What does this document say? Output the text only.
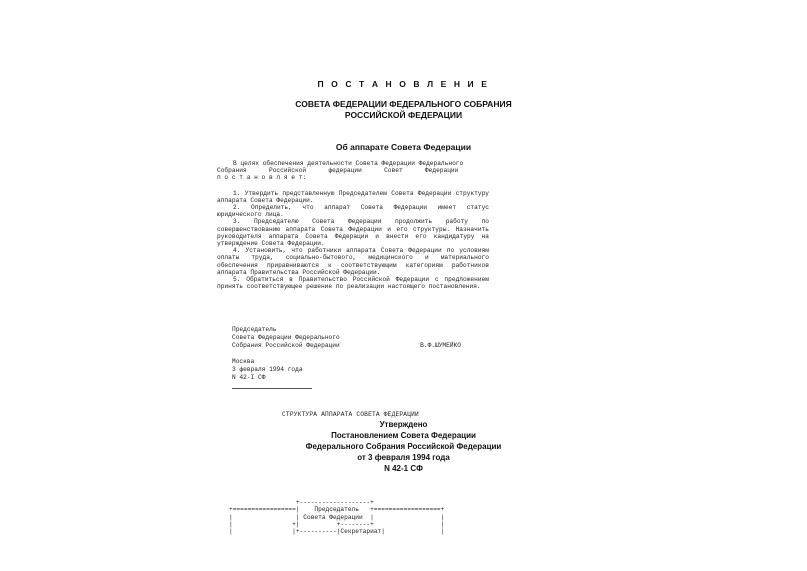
П О С Т А Н О В Л Е Н И Е
СОВЕТА ФЕДЕРАЦИИ ФЕДЕРАЛЬНОГО СОБРАНИЯ
РОССИЙСКОЙ ФЕДЕРАЦИИ
Об аппарате Совета Федерации
В целях обеспечения деятельности Совета Федерации Федерального
Собрания      Российской      федерации      Совет      Федерации
п о с т а н о в л я е т:

1. Утвердить представленную Председателем Совета Федерации структуру аппарата Совета Федерации.

2. Определить, что аппарат Совета Федерации имеет статус юридического лица.

3. Председателю Совета Федерации продолжить работу по совершенствованию аппарата Совета Федерации и его структуры. Назначить руководителя аппарата Совета Федерации и внести его кандидатуру на утверждение Совета Федерации.

4. Установить, что работники аппарата Совета Федерации по условиям оплаты труда, социально-бытового, медицинского и материального обеспечения приравниваются к соответствующим категориям работников аппарата Правительства Российской Федерации.

5. Обратиться в Правительство Российской Федерации с предложением принять соответствующее решение по реализации настоящего постановления.

Председатель
Совета Федерации Федерального
Собрания Российской Федерации	В.Ф.ШУМЕЙКО
Москва
3 февраля 1994 года
N 42-I СФ
СТРУКТУРА АППАРАТА СОВЕТА ФЕДЕРАЦИИ
Утверждено
Постановлением Совета Федерации
Федерального Собрания Российской Федерации
от 3 февраля 1994 года
N 42-1 СФ

+-------------------+
+=================|    Председатель   +==================+
|                 | Совета Федерации  |                  |
|                +|          +--------+                  |
|                |+----------|Секретариат|               |
